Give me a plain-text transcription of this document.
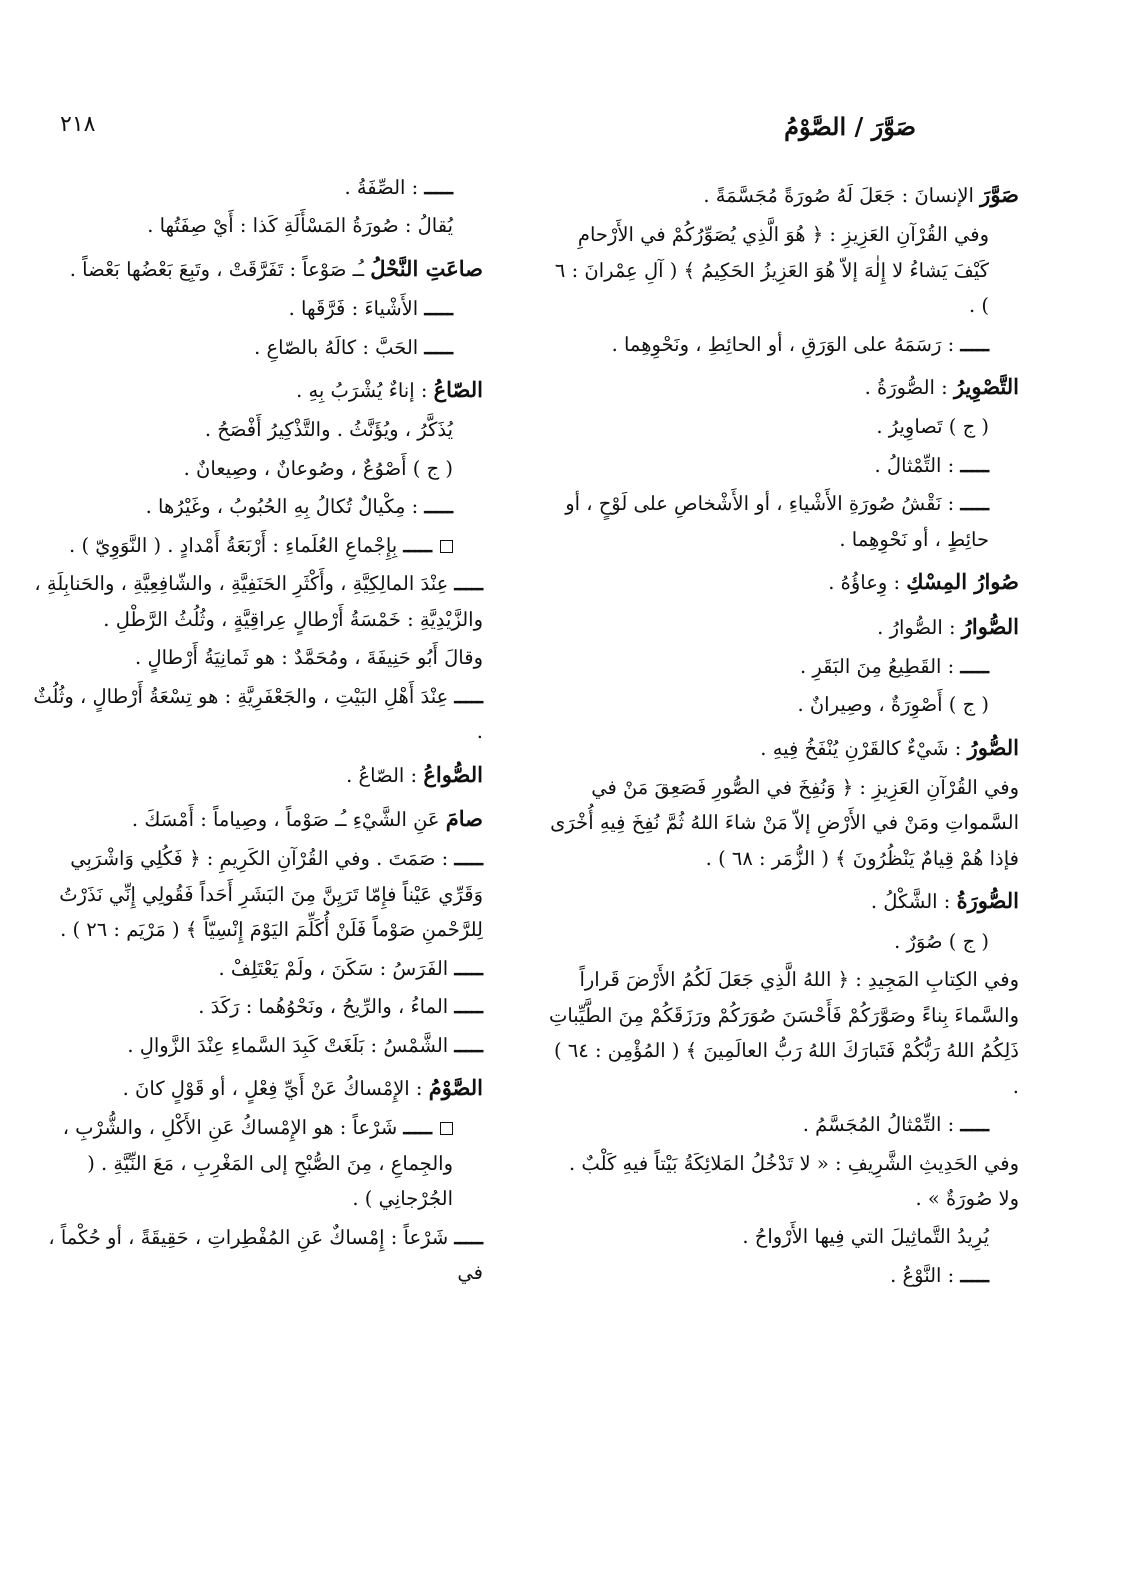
صَوَّرَ / الصَّوْمُ
٢١٨

صَوَّرَ الإنسانَ : جَعَلَ لَهُ صُورَةً مُجَسَّمَةً .

وفي القُرْآنِ العَزِيزِ : ﴿ هُوَ الَّذِي يُصَوِّرُكُمْ في الأَرْحامِ كَيْفَ يَشاءُ لا إِلٰهَ إلاّ هُوَ العَزِيزُ الحَكِيمُ ﴾ ( آلِ عِمْرانَ : ٦ ) .

ـــــ : رَسَمَهُ على الوَرَقِ ، أو الحائِطِ ، ونَحْوِهِما .

التَّصْوِيرُ : الصُّورَةُ .

( ج ) تَصاوِيرُ .

ـــــ : التِّمْثالُ .

ـــــ : نَقْشُ صُورَةِ الأَشْياءِ ، أو الأَشْخاصِ على لَوْحٍ ، أو حائِطٍ ، أو نَحْوِهِما .

صُوارُ المِسْكِ : وِعاؤُهُ .

الصُّوارُ : الصُّوارُ .

ـــــ : القَطِيعُ مِنَ البَقَرِ .

( ج ) أَصْوِرَةٌ ، وصِيرانٌ .

الصُّورُ : شَيْءٌ كالقَرْنِ يُنْفَخُ فِيهِ .

وفي القُرْآنِ العَزِيزِ : ﴿ وَنُفِخَ في الصُّورِ فَصَعِقَ مَنْ في السَّمواتِ ومَنْ في الأَرْضِ إلاّ مَنْ شاءَ اللهُ ثُمَّ نُفِخَ فِيهِ أُخْرَى فإذا هُمْ قِيامٌ يَنْظُرُونَ ﴾ ( الزُّمَر : ٦٨ ) .

الصُّورَةُ : الشَّكْلُ .

( ج ) صُوَرٌ .

وفي الكِتابِ المَجِيدِ : ﴿ اللهُ الَّذِي جَعَلَ لَكُمُ الأَرْضَ قَراراً والسَّماءَ بِناءً وصَوَّرَكُمْ فَأَحْسَنَ صُوَرَكُمْ ورَزَقَكُمْ مِنَ الطَّيِّباتِ ذَلِكُمُ اللهُ رَبُّكُمْ فَتَبارَكَ اللهُ رَبُّ العالَمِينَ ﴾ ( المُؤْمِن : ٦٤ ) .

ـــــ : التِّمْثالُ المُجَسَّمُ .

وفي الحَدِيثِ الشَّرِيفِ : « لا تَدْخُلُ المَلائِكَةُ بَيْتاً فيهِ كَلْبٌ . ولا صُورَةٌ » .

يُرِيدُ التَّماثِيلَ التي فِيها الأَرْواحُ .

ـــــ : النَّوْعُ .

ـــــ : الصِّفَةُ .

يُقالُ : صُورَةُ المَسْأَلَةِ كَذا : أَيْ صِفَتُها .

صاعَتِ النَّحْلُ ـُـ صَوْعاً : تَفَرَّقَتْ ، وتَبِعَ بَعْضُها بَعْضاً .

ـــــ الأَشْياءَ : فَرَّقَها .

ـــــ الحَبَّ : كالَهُ بالصّاعِ .

الصّاعُ : إناءٌ يُشْرَبُ بِهِ .

يُذَكَّرُ ، ويُؤَنَّثُ . والتَّذْكِيرُ أَفْصَحُ .

( ج ) أَصْوُعٌ ، وصُوعانٌ ، وصِيعانٌ .

ـــــ : مِكْيالٌ تُكالُ بِهِ الحُبُوبُ ، وغَيْرُها .

ـــــ بِإِجْماعِ العُلَماءِ : أَرْبَعَةُ أَمْدادٍ . ( النَّوَوِيّ ) .

ـــــ عِنْدَ المالِكِيَّةِ ، وأَكْثَرِ الحَنَفِيَّةِ ، والشّافِعِيَّةِ ، والحَنابِلَةِ ، والزَّيْدِيَّةِ : خَمْسَةُ أَرْطالٍ عِراقِيَّةٍ ، وثُلُثُ الرَّطْلِ .

وقالَ أَبُو حَنِيفَةَ ، ومُحَمَّدٌ : هو ثَمانِيَةُ أَرْطالٍ .

ـــــ عِنْدَ أَهْلِ البَيْتِ ، والجَعْفَرِيَّةِ : هو تِسْعَةُ أَرْطالٍ ، وثُلُثٌ .

الصُّواعُ : الصّاعُ .

صامَ عَنِ الشَّيْءِ ـُـ صَوْماً ، وصِياماً : أَمْسَكَ .

ـــــ : صَمَتَ . وفي القُرْآنِ الكَرِيمِ : ﴿ فَكُلِي وَاشْرَبِي وَقَرِّي عَيْناً فإِمّا تَرَيِنَّ مِنَ البَشَرِ أَحَداً فَقُولِي إِنِّي نَذَرْتُ لِلرَّحْمنِ صَوْماً فَلَنْ أُكَلِّمَ اليَوْمَ إِنْسِيّاً ﴾ ( مَرْيَم : ٢٦ ) .

ـــــ الفَرَسُ : سَكَنَ ، ولَمْ يَعْتَلِفْ .

ـــــ الماءُ ، والرِّيحُ ، ونَحْوُهُما : رَكَدَ .

ـــــ الشَّمْسُ : بَلَغَتْ كَبِدَ السَّماءِ عِنْدَ الزَّوالِ .

الصَّوْمُ : الإِمْساكُ عَنْ أَيِّ فِعْلٍ ، أو قَوْلٍ كانَ .

ـــــ شَرْعاً : هو الإِمْساكُ عَنِ الأَكْلِ ، والشُّرْبِ ، والجِماعِ ، مِنَ الصُّبْحِ إلى المَغْرِبِ ، مَعَ النِّيَّةِ . ( الجُرْجانِي ) .

ـــــ شَرْعاً : إِمْساكٌ عَنِ المُفْطِراتِ ، حَقِيقَةً ، أو حُكْماً ، في
